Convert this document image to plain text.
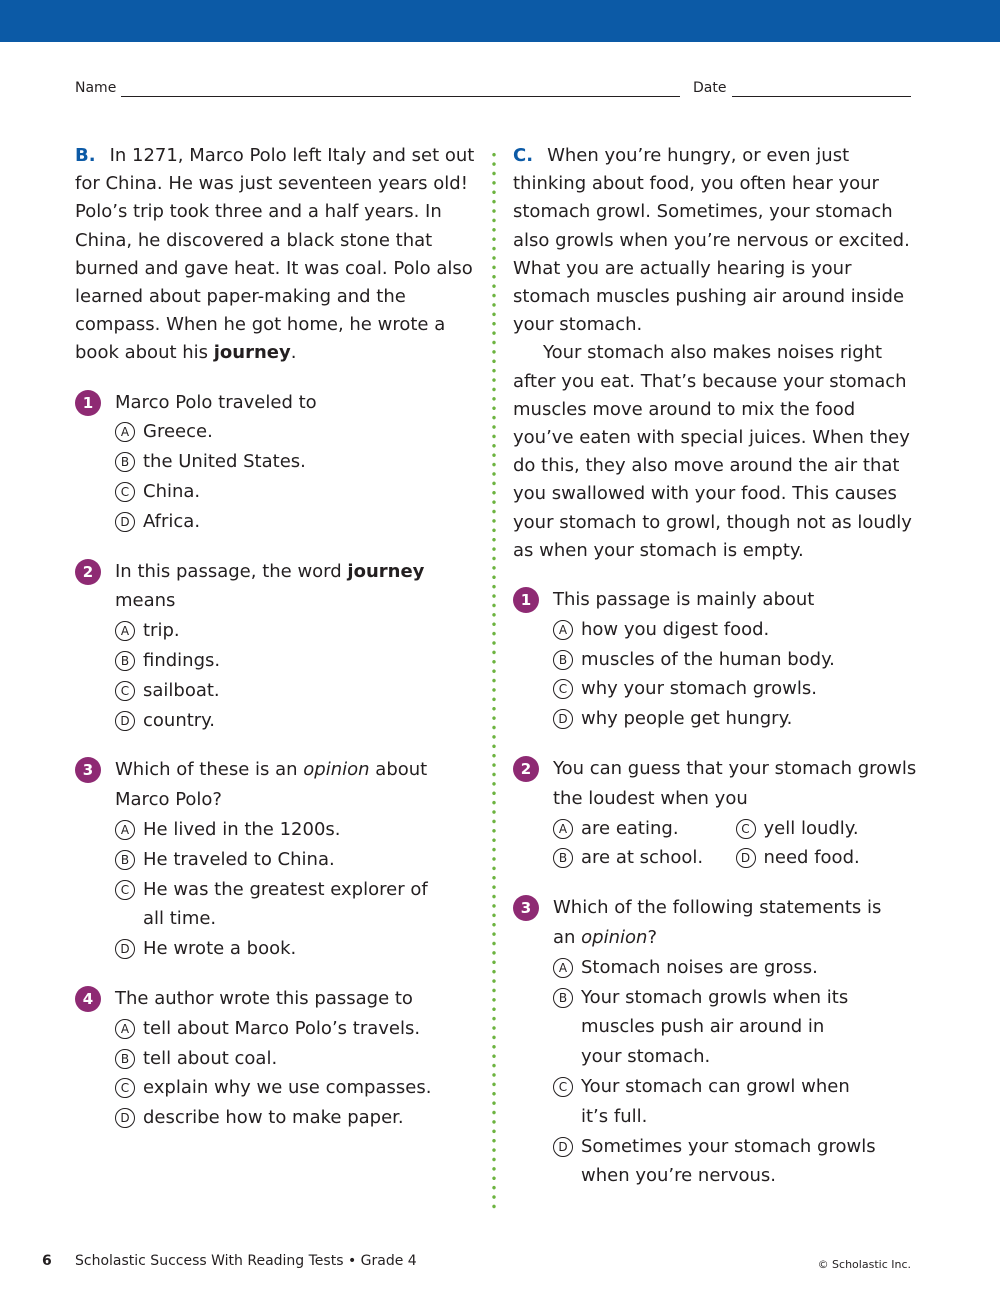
Name	Date

B. In 1271, Marco Polo left Italy and set out for China. He was just seventeen years old! Polo’s trip took three and a half years. In China, he discovered a black stone that burned and gave heat. It was coal. Polo also learned about paper-making and the compass. When he got home, he wrote a book about his journey.

1	Marco Polo traveled to
A Greece.
B the United States.
C China.
D Africa.
2	In this passage, the word journey means
A trip.
B findings.
C sailboat.
D country.
3	Which of these is an opinion about Marco Polo?
A He lived in the 1200s.
B He traveled to China.
C He was the greatest explorer of all time.
D He wrote a book.
4	The author wrote this passage to
A tell about Marco Polo’s travels.
B tell about coal.
C explain why we use compasses.
D describe how to make paper.

C. When you’re hungry, or even just thinking about food, you often hear your stomach growl. Sometimes, your stomach also growls when you’re nervous or excited. What you are actually hearing is your stomach muscles pushing air around inside your stomach.

Your stomach also makes noises right after you eat. That’s because your stomach muscles move around to mix the food you’ve eaten with special juices. When they do this, they also move around the air that you swallowed with your food. This causes your stomach to growl, though not as loudly as when your stomach is empty.

1	This passage is mainly about
A how you digest food.
B muscles of the human body.
C why your stomach growls.
D why people get hungry.
2	You can guess that your stomach growls the loudest when you
A are eating.	C yell loudly.
B are at school.	D need food.
3	Which of the following statements is an opinion?
A Stomach noises are gross.
B Your stomach growls when its muscles push air around in your stomach.
C Your stomach can growl when it’s full.
D Sometimes your stomach growls when you’re nervous.
6 Scholastic Success With Reading Tests • Grade 4	© Scholastic Inc.
